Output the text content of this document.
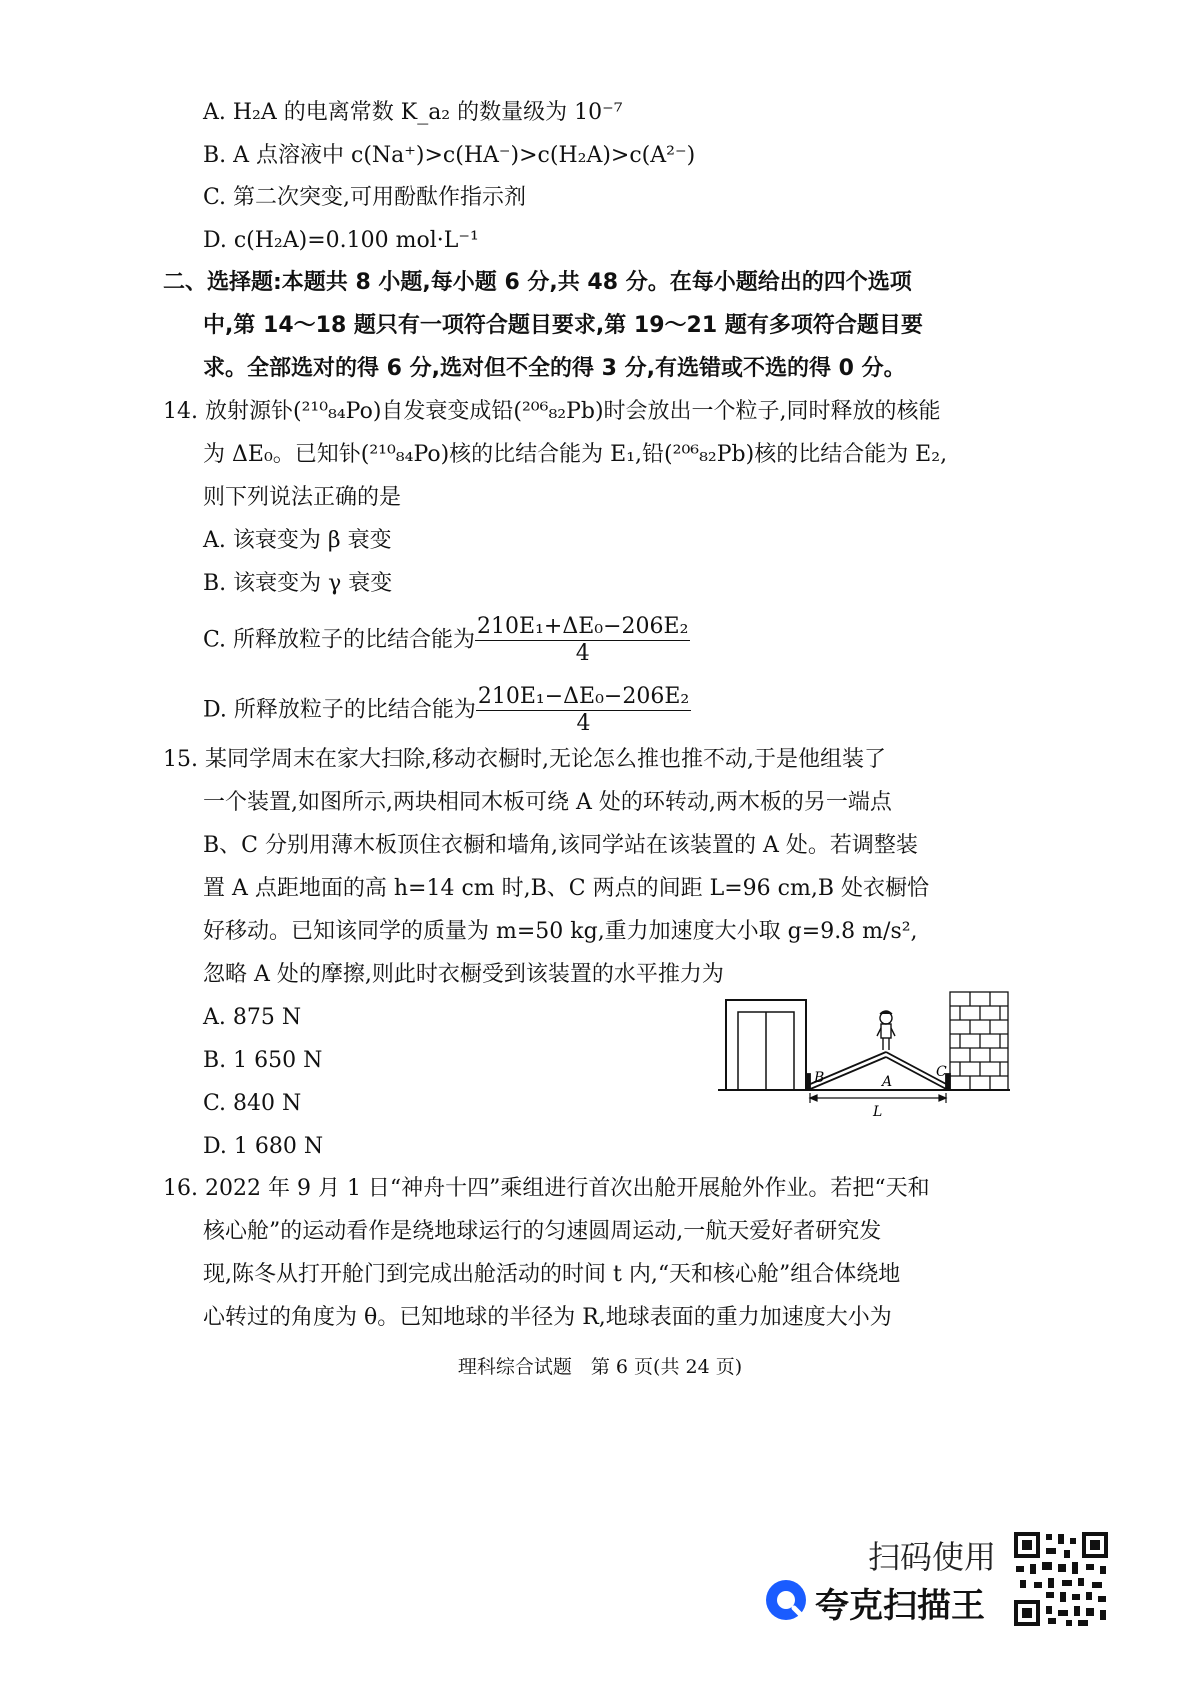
A. H₂A 的电离常数 K_a₂ 的数量级为 10⁻⁷
B. A 点溶液中 c(Na⁺)>c(HA⁻)>c(H₂A)>c(A²⁻)
C. 第二次突变,可用酚酞作指示剂
D. c(H₂A)=0.100 mol·L⁻¹
二、选择题:本题共 8 小题,每小题 6 分,共 48 分。在每小题给出的四个选项
中,第 14～18 题只有一项符合题目要求,第 19～21 题有多项符合题目要
求。全部选对的得 6 分,选对但不全的得 3 分,有选错或不选的得 0 分。
14. 放射源钋(²¹⁰₈₄Po)自发衰变成铅(²⁰⁶₈₂Pb)时会放出一个粒子,同时释放的核能
为 ΔE₀。已知钋(²¹⁰₈₄Po)核的比结合能为 E₁,铅(²⁰⁶₈₂Pb)核的比结合能为 E₂,
则下列说法正确的是
A. 该衰变为 β 衰变
B. 该衰变为 γ 衰变
C. 所释放粒子的比结合能为 $\frac{\text{210E₁+ΔE₀−206E₂}}{4}$
D. 所释放粒子的比结合能为 $\frac{\text{210E₁−ΔE₀−206E₂}}{4}$
15. 某同学周末在家大扫除,移动衣橱时,无论怎么推也推不动,于是他组装了
一个装置,如图所示,两块相同木板可绕 A 处的环转动,两木板的另一端点
B、C 分别用薄木板顶住衣橱和墙角,该同学站在该装置的 A 处。若调整装
置 A 点距地面的高 h=14 cm 时,B、C 两点的间距 L=96 cm,B 处衣橱恰
好移动。已知该同学的质量为 m=50 kg,重力加速度大小取 g=9.8 m/s²,
忽略 A 处的摩擦,则此时衣橱受到该装置的水平推力为
A. 875 N
B. 1 650 N
C. 840 N
D. 1 680 N
B	A
C
L
16. 2022 年 9 月 1 日“神舟十四”乘组进行首次出舱开展舱外作业。若把“天和
核心舱”的运动看作是绕地球运行的匀速圆周运动,一航天爱好者研究发
现,陈冬从打开舱门到完成出舱活动的时间 t 内,“天和核心舱”组合体绕地
心转过的角度为 θ。已知地球的半径为 R,地球表面的重力加速度大小为
理科综合试题　第 6 页(共 24 页)
扫码使用
夸克扫描王
